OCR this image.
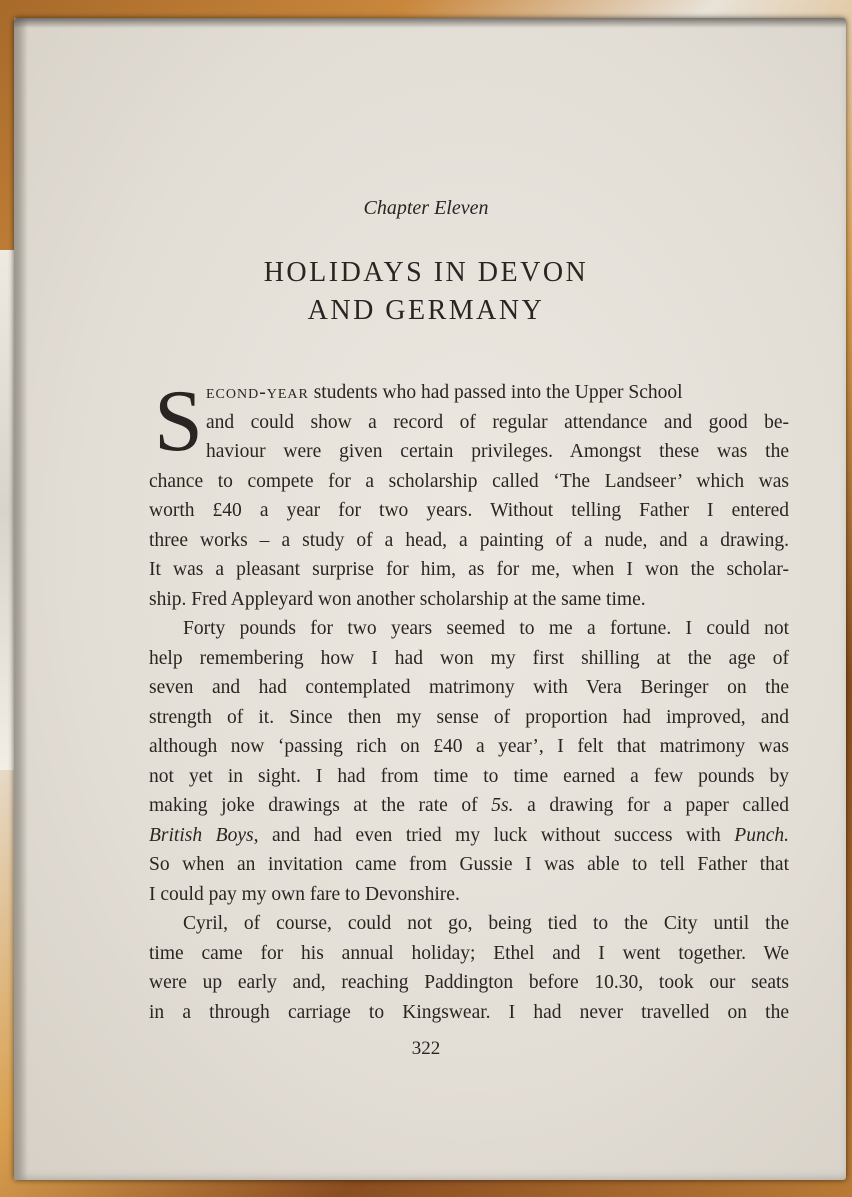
Chapter Eleven
HOLIDAYS IN DEVON
AND GERMANY
S econd-year students who had passed into the Upper School
and could show a record of regular attendance and good be-
haviour were given certain privileges. Amongst these was the
chance to compete for a scholarship called ‘The Landseer’ which was
worth £40 a year for two years. Without telling Father I entered
three works – a study of a head, a painting of a nude, and a drawing.
It was a pleasant surprise for him, as for me, when I won the scholar-
ship. Fred Appleyard won another scholarship at the same time.
Forty pounds for two years seemed to me a fortune. I could not
help remembering how I had won my first shilling at the age of
seven and had contemplated matrimony with Vera Beringer on the
strength of it. Since then my sense of proportion had improved, and
although now ‘passing rich on £40 a year’, I felt that matrimony was
not yet in sight. I had from time to time earned a few pounds by
making joke drawings at the rate of 5s. a drawing for a paper called
British Boys, and had even tried my luck without success with Punch.
So when an invitation came from Gussie I was able to tell Father that
I could pay my own fare to Devonshire.
Cyril, of course, could not go, being tied to the City until the
time came for his annual holiday; Ethel and I went together. We
were up early and, reaching Paddington before 10.30, took our seats
in a through carriage to Kingswear. I had never travelled on the
322
